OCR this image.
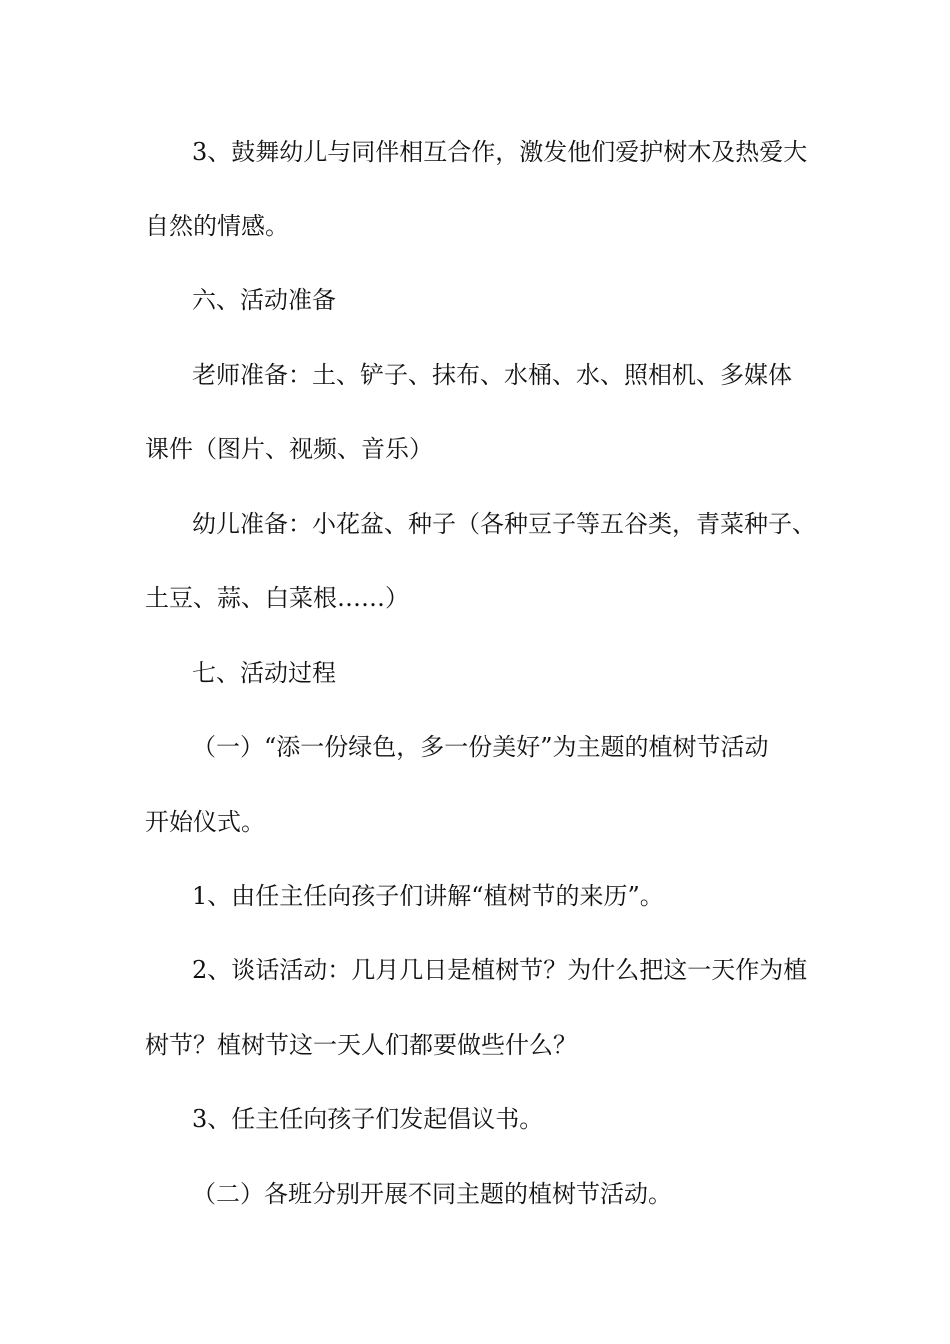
3、鼓舞幼儿与同伴相互合作，激发他们爱护树木及热爱大

自然的情感。

六、活动准备

老师准备：土、铲子、抹布、水桶、水、照相机、多媒体

课件（图片、视频、音乐）

幼儿准备：小花盆、种子（各种豆子等五谷类，青菜种子、

土豆、蒜、白菜根……）

七、活动过程

（一）“添一份绿色，多一份美好”为主题的植树节活动

开始仪式。

1、由任主任向孩子们讲解“植树节的来历”。

2、谈话活动：几月几日是植树节？为什么把这一天作为植

树节？植树节这一天人们都要做些什么？

3、任主任向孩子们发起倡议书。

（二）各班分别开展不同主题的植树节活动。
